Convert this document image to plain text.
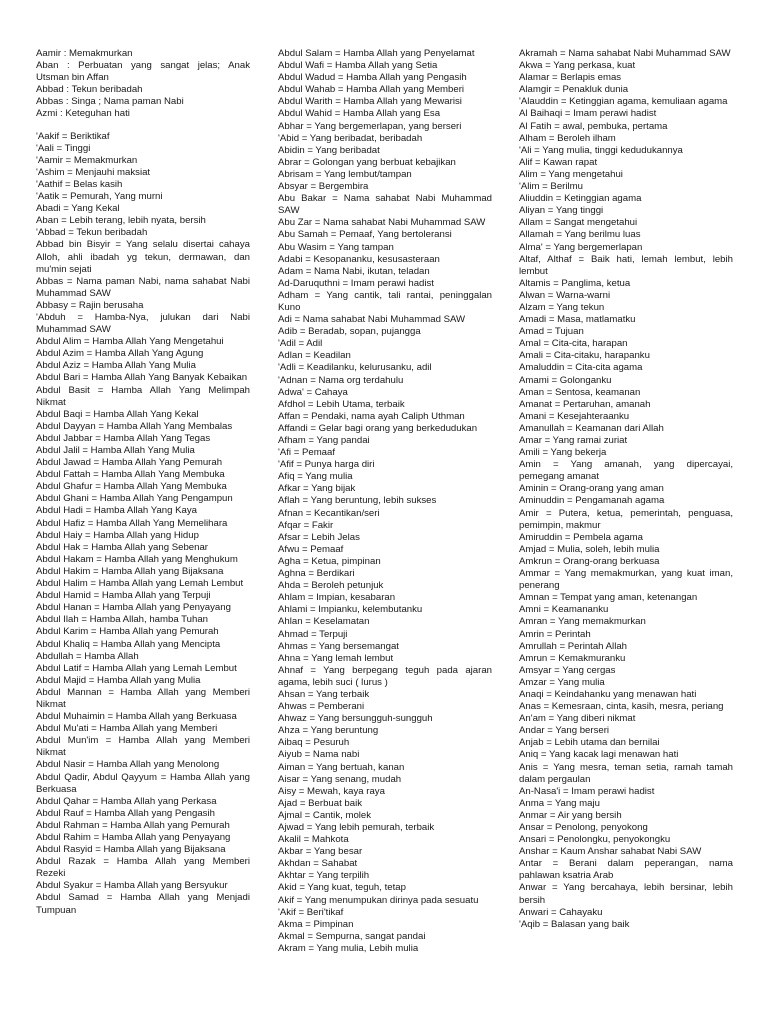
Aamir : Memakmurkan

Aban : Perbuatan yang sangat jelas; Anak Utsman bin Affan

Abbad : Tekun beribadah

Abbas : Singa ; Nama paman Nabi

Azmi : Keteguhan hati

'Aakif = Beriktikaf

'Aali = Tinggi

'Aamir = Memakmurkan

'Ashim = Menjauhi maksiat

'Aathif = Belas kasih

'Aatik = Pemurah, Yang murni

Abadi = Yang Kekal

Aban = Lebih terang, lebih nyata, bersih

'Abbad = Tekun beribadah

Abbad bin Bisyir = Yang selalu disertai cahaya Alloh, ahli ibadah yg tekun, dermawan, dan mu'min sejati

Abbas = Nama paman Nabi, nama sahabat Nabi Muhammad SAW

Abbasy = Rajin berusaha

'Abduh = Hamba-Nya, julukan dari Nabi Muhammad SAW

Abdul Alim = Hamba Allah Yang Mengetahui

Abdul Azim = Hamba Allah Yang Agung

Abdul Aziz = Hamba Allah Yang Mulia

Abdul Bari = Hamba Allah Yang Banyak Kebaikan

Abdul Basit = Hamba Allah Yang Melimpah Nikmat

Abdul Baqi = Hamba Allah Yang Kekal

Abdul Dayyan = Hamba Allah Yang Membalas

Abdul Jabbar = Hamba Allah Yang Tegas

Abdul Jalil = Hamba Allah Yang Mulia

Abdul Jawad = Hamba Allah Yang Pemurah

Abdul Fattah = Hamba Allah Yang Membuka

Abdul Ghafur = Hamba Allah Yang Membuka

Abdul Ghani = Hamba Allah Yang Pengampun

Abdul Hadi = Hamba Allah Yang Kaya

Abdul Hafiz = Hamba Allah Yang Memelihara

Abdul Haiy = Hamba Allah yang Hidup

Abdul Hak = Hamba Allah yang Sebenar

Abdul Hakam = Hamba Allah yang Menghukum

Abdul Hakim = Hamba Allah yang Bijaksana

Abdul Halim = Hamba Allah yang Lemah Lembut

Abdul Hamid = Hamba Allah yang Terpuji

Abdul Hanan = Hamba Allah yang Penyayang

Abdul Ilah = Hamba Allah, hamba Tuhan

Abdul Karim = Hamba Allah yang Pemurah

Abdul Khaliq = Hamba Allah yang Mencipta

Abdullah = Hamba Allah

Abdul Latif = Hamba Allah yang Lemah Lembut

Abdul Majid = Hamba Allah yang Mulia

Abdul Mannan = Hamba Allah yang Memberi Nikmat

Abdul Muhaimin = Hamba Allah yang Berkuasa

Abdul Mu'ati = Hamba Allah yang Memberi

Abdul Mun'im = Hamba Allah yang Memberi Nikmat

Abdul Nasir = Hamba Allah yang Menolong

Abdul Qadir, Abdul Qayyum = Hamba Allah yang Berkuasa

Abdul Qahar = Hamba Allah yang Perkasa

Abdul Rauf = Hamba Allah yang Pengasih

Abdul Rahman = Hamba Allah yang Pemurah

Abdul Rahim = Hamba Allah yang Penyayang

Abdul Rasyid = Hamba Allah yang Bijaksana

Abdul Razak = Hamba Allah yang Memberi Rezeki

Abdul Syakur = Hamba Allah yang Bersyukur

Abdul Samad = Hamba Allah yang Menjadi Tumpuan

Abdul Salam = Hamba Allah yang Penyelamat

Abdul Wafi = Hamba Allah yang Setia

Abdul Wadud = Hamba Allah yang Pengasih

Abdul Wahab = Hamba Allah yang Memberi

Abdul Warith = Hamba Allah yang Mewarisi

Abdul Wahid = Hamba Allah yang Esa

Abhar = Yang bergemerlapan, yang berseri

'Abid = Yang beribadat, beribadah

Abidin = Yang beribadat

Abrar = Golongan yang berbuat kebajikan

Abrisam = Yang lembut/tampan

Absyar = Bergembira

Abu Bakar = Nama sahabat Nabi Muhammad SAW

Abu Zar = Nama sahabat Nabi Muhammad SAW

Abu Samah = Pemaaf, Yang bertoleransi

Abu Wasim = Yang tampan

Adabi = Kesopananku, kesusasteraan

Adam = Nama Nabi, ikutan, teladan

Ad-Daruquthni = Imam perawi hadist

Adham = Yang cantik, tali rantai, peninggalan Kuno

Adi = Nama sahabat Nabi Muhammad SAW

Adib = Beradab, sopan, pujangga

'Adil = Adil

Adlan = Keadilan

'Adli = Keadilanku, kelurusanku, adil

'Adnan = Nama org terdahulu

Adwa' = Cahaya

Afdhol = Lebih Utama, terbaik

Affan = Pendaki, nama ayah Caliph Uthman

Affandi = Gelar bagi orang yang berkedudukan

Afham = Yang pandai

'Afi = Pemaaf

'Afif = Punya harga diri

Afiq = Yang mulia

Afkar = Yang bijak

Aflah = Yang beruntung, lebih sukses

Afnan = Kecantikan/seri

Afqar = Fakir

Afsar = Lebih Jelas

Afwu = Pemaaf

Agha = Ketua, pimpinan

Aghna = Berdikari

Ahda = Beroleh petunjuk

Ahlam = Impian, kesabaran

Ahlami = Impianku, kelembutanku

Ahlan = Keselamatan

Ahmad = Terpuji

Ahmas = Yang bersemangat

Ahna = Yang lemah lembut

Ahnaf = Yang berpegang teguh pada ajaran agama, lebih suci ( lurus )

Ahsan = Yang terbaik

Ahwas = Pemberani

Ahwaz = Yang bersungguh-sungguh

Ahza = Yang beruntung

Aibaq = Pesuruh

Aiyub = Nama nabi

Aiman = Yang bertuah, kanan

Aisar = Yang senang, mudah

Aisy = Mewah, kaya raya

Ajad = Berbuat baik

Ajmal = Cantik, molek

Ajwad = Yang lebih pemurah, terbaik

Akalil = Mahkota

Akbar = Yang besar

Akhdan = Sahabat

Akhtar = Yang terpilih

Akid = Yang kuat, teguh, tetap

Akif = Yang menumpukan dirinya pada sesuatu

'Akif = Beri'tikaf

Akma = Pimpinan

Akmal = Sempurna, sangat pandai

Akram = Yang mulia, Lebih mulia

Akramah = Nama sahabat Nabi Muhammad SAW

Akwa = Yang perkasa, kuat

Alamar = Berlapis emas

Alamgir = Penakluk dunia

'Alauddin = Ketinggian agama, kemuliaan agama

Al Baihaqi = Imam perawi hadist

Al Fatih = awal, pembuka, pertama

Alham = Beroleh ilham

'Ali = Yang mulia, tinggi kedudukannya

Alif = Kawan rapat

Alim = Yang mengetahui

'Alim = Berilmu

Aliuddin = Ketinggian agama

Aliyan = Yang tinggi

Allam = Sangat mengetahui

Allamah = Yang berilmu luas

Alma' = Yang bergemerlapan

Altaf, Althaf = Baik hati, lemah lembut, lebih lembut

Altamis = Panglima, ketua

Alwan = Warna-warni

Alzam = Yang tekun

Amadi = Masa, matlamatku

Amad = Tujuan

Amal = Cita-cita, harapan

Amali = Cita-citaku, harapanku

Amaluddin = Cita-cita agama

Amami = Golonganku

Aman = Sentosa, keamanan

Amanat = Pertaruhan, amanah

Amani = Kesejahteraanku

Amanullah = Keamanan dari Allah

Amar = Yang ramai zuriat

Amili = Yang bekerja

Amin = Yang amanah, yang dipercayai, pemegang amanat

Aminin = Orang-orang yang aman

Aminuddin = Pengamanah agama

Amir = Putera, ketua, pemerintah, penguasa, pemimpin, makmur

Amiruddin = Pembela agama

Amjad = Mulia, soleh, lebih mulia

Amkrun = Orang-orang berkuasa

Ammar = Yang memakmurkan, yang kuat iman, penerang

Amnan = Tempat yang aman, ketenangan

Amni = Keamananku

Amran = Yang memakmurkan

Amrin = Perintah

Amrullah = Perintah Allah

Amrun = Kemakmuranku

Amsyar = Yang cergas

Amzar = Yang mulia

Anaqi = Keindahanku yang menawan hati

Anas = Kemesraan, cinta, kasih, mesra, periang

An'am = Yang diberi nikmat

Andar = Yang berseri

Anjab = Lebih utama dan bernilai

Aniq = Yang kacak lagi menawan hati

Anis = Yang mesra, teman setia, ramah tamah dalam pergaulan

An-Nasa'i = Imam perawi hadist

Anma = Yang maju

Anmar = Air yang bersih

Ansar = Penolong, penyokong

Ansari = Penolongku, penyokongku

Anshar = Kaum Anshar sahabat Nabi SAW

Antar = Berani dalam peperangan, nama pahlawan ksatria Arab

Anwar = Yang bercahaya, lebih bersinar, lebih bersih

Anwari = Cahayaku

'Aqib = Balasan yang baik
